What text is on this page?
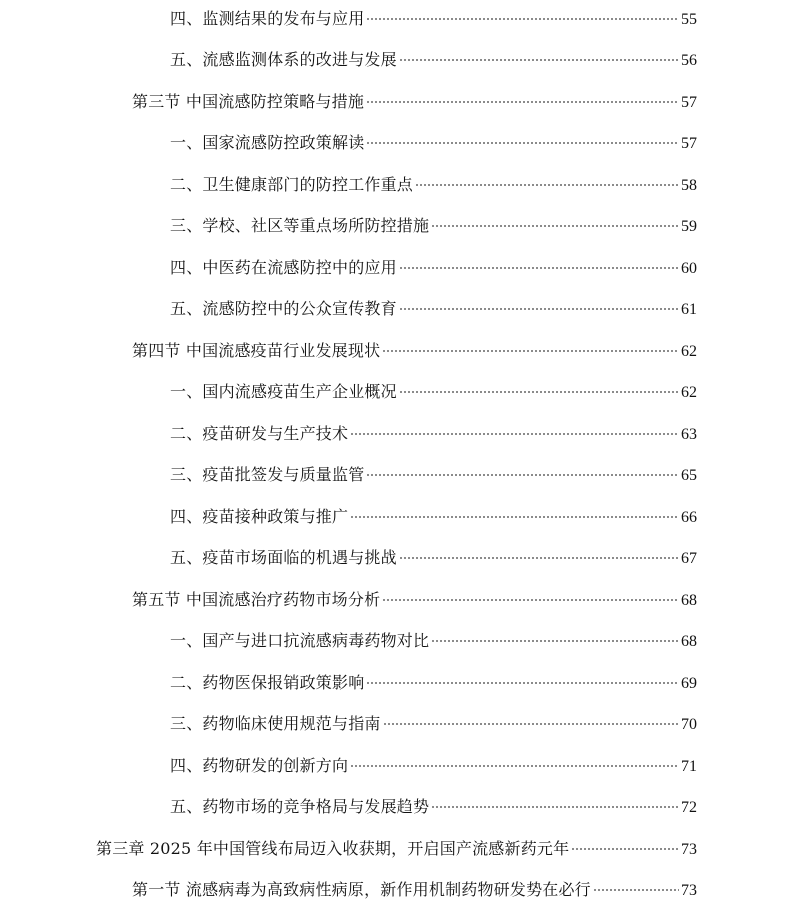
四、监测结果的发布与应用	55
五、流感监测体系的改进与发展	56
第三节 中国流感防控策略与措施	57
一、国家流感防控政策解读	57
二、卫生健康部门的防控工作重点	58
三、学校、社区等重点场所防控措施	59
四、中医药在流感防控中的应用	60
五、流感防控中的公众宣传教育	61
第四节 中国流感疫苗行业发展现状	62
一、国内流感疫苗生产企业概况	62
二、疫苗研发与生产技术	63
三、疫苗批签发与质量监管	65
四、疫苗接种政策与推广	66
五、疫苗市场面临的机遇与挑战	67
第五节 中国流感治疗药物市场分析	68
一、国产与进口抗流感病毒药物对比	68
二、药物医保报销政策影响	69
三、药物临床使用规范与指南	70
四、药物研发的创新方向	71
五、药物市场的竞争格局与发展趋势	72
第三章 2025 年中国管线布局迈入收获期，开启国产流感新药元年	73
第一节 流感病毒为高致病性病原，新作用机制药物研发势在必行	73
